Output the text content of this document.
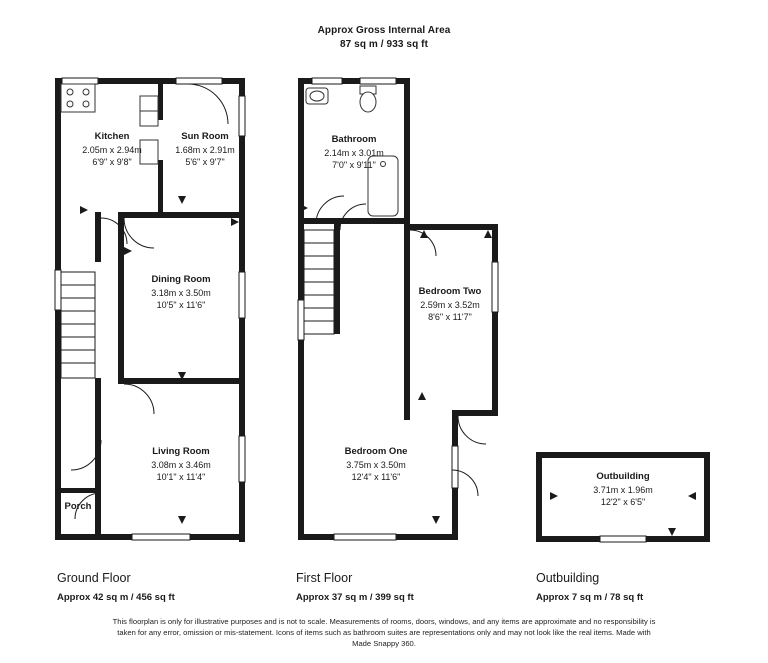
Approx Gross Internal Area
87 sq m / 933 sq ft
Kitchen
2.05m x 2.94m
6'9" x 9'8"
Sun Room
1.68m x 2.91m
5'6" x 9'7"
Dining Room
3.18m x 3.50m
10'5" x 11'6"
Living Room
3.08m x 3.46m
10'1" x 11'4"
Porch
Bathroom
2.14m x 3.01m
7'0" x 9'11"
Bedroom Two
2.59m x 3.52m
8'6" x 11'7"
Bedroom One
3.75m x 3.50m
12'4" x 11'6"	Outbuilding
3.71m x 1.96m
12'2" x 6'5"
Ground Floor
Approx 42 sq m / 456 sq ft
First Floor
Approx 37 sq m / 399 sq ft
Outbuilding
Approx 7 sq m / 78 sq ft
This floorplan is only for illustrative purposes and is not to scale. Measurements of rooms, doors, windows, and any items are approximate and no responsibility is taken for any error, omission or mis-statement. Icons of items such as bathroom suites are representations only and may not look like the real items. Made with Made Snappy 360.
